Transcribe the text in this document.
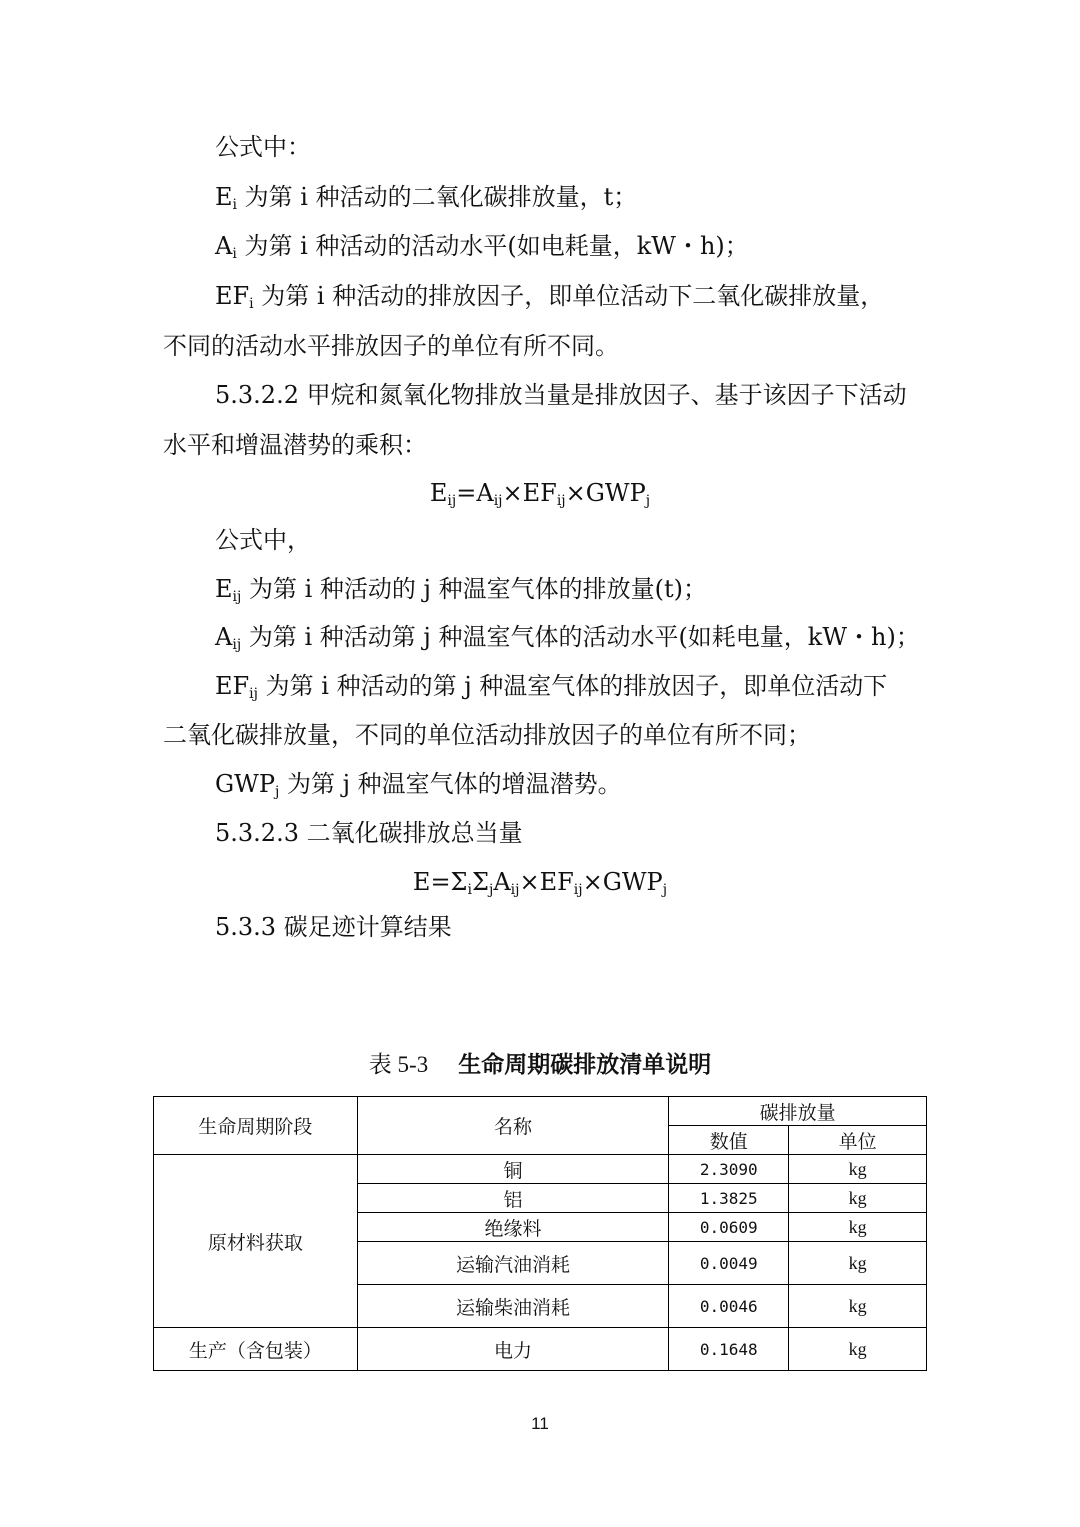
公式中：
$E_i$ 为第 i 种活动的二氧化碳排放量，t；
$A_i$ 为第 i 种活动的活动水平(如电耗量，kW・h)；
$EF_i$ 为第 i 种活动的排放因子，即单位活动下二氧化碳排放量，
不同的活动水平排放因子的单位有所不同。
5.3.2.2 甲烷和氮氧化物排放当量是排放因子、基于该因子下活动
水平和增温潜势的乘积：
$E_{ij}=A_{ij}\times EF_{ij}\times GWP_j$
公式中，
$E_{ij}$ 为第 i 种活动的 j 种温室气体的排放量(t)；
$A_{ij}$ 为第 i 种活动第 j 种温室气体的活动水平(如耗电量，kW・h)；
$EF_{ij}$ 为第 i 种活动的第 j 种温室气体的排放因子，即单位活动下
二氧化碳排放量，不同的单位活动排放因子的单位有所不同；
$GWP_j$ 为第 j 种温室气体的增温潜势。
5.3.2.3 二氧化碳排放总当量
$E=\Sigma_i\Sigma_jA_{ij}\times EF_{ij}\times GWP_j$
5.3.3 碳足迹计算结果
表 5-3 生命周期碳排放清单说明
生命周期阶段	名称	碳排放量	
		数值	单位
原材料获取	铜	2.3090	kg
	铝	1.3825	kg
	绝缘料	0.0609	kg
	运输汽油消耗	0.0049	kg
	运输柴油消耗	0.0046	kg
生产（含包装）	电力	0.1648	kg
11
